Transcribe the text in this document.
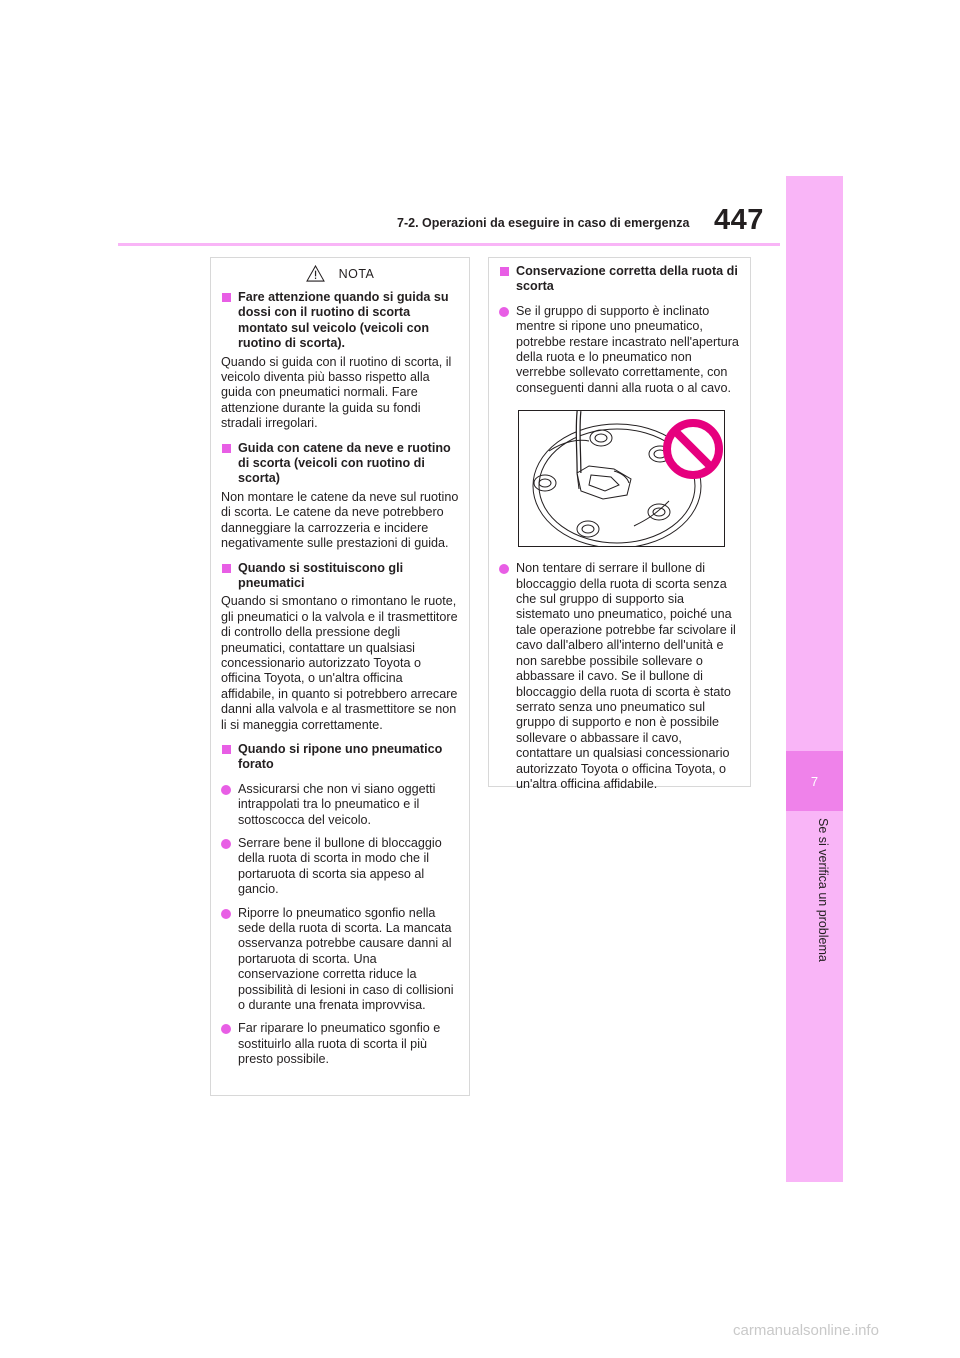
447
7-2. Operazioni da eseguire in caso di emergenza
7
Se si verifica un problema
NOTA
Fare attenzione quando si guida su dossi con il ruotino di scorta montato sul veicolo (veicoli con ruotino di scorta).
Quando si guida con il ruotino di scorta, il veicolo diventa più basso rispetto alla guida con pneumatici normali. Fare attenzione durante la guida su fondi stradali irregolari.
Guida con catene da neve e ruotino di scorta (veicoli con ruotino di scorta)
Non montare le catene da neve sul ruotino di scorta. Le catene da neve potrebbero danneggiare la carrozzeria e incidere negativamente sulle prestazioni di guida.
Quando si sostituiscono gli pneumatici
Quando si smontano o rimontano le ruote, gli pneumatici o la valvola e il trasmettitore di controllo della pressione degli pneumatici, contattare un qualsiasi concessionario autorizzato Toyota o officina Toyota, o un'altra officina affidabile, in quanto si potrebbero arrecare danni alla valvola e al trasmettitore se non li si maneggia correttamente.
Quando si ripone uno pneumatico forato
Assicurarsi che non vi siano oggetti intrappolati tra lo pneumatico e il sottoscocca del veicolo.
Serrare bene il bullone di bloccaggio della ruota di scorta in modo che il portaruota di scorta sia appeso al gancio.
Riporre lo pneumatico sgonfio nella sede della ruota di scorta. La mancata osservanza potrebbe causare danni al portaruota di scorta. Una conservazione corretta riduce la possibilità di lesioni in caso di collisioni o durante una frenata improvvisa.
Far riparare lo pneumatico sgonfio e sostituirlo alla ruota di scorta il più presto possibile.
Conservazione corretta della ruota di scorta
Se il gruppo di supporto è inclinato mentre si ripone uno pneumatico, potrebbe restare incastrato nell'apertura della ruota e lo pneumatico non verrebbe sollevato correttamente, con conseguenti danni alla ruota o al cavo.
Non tentare di serrare il bullone di bloccaggio della ruota di scorta senza che sul gruppo di supporto sia sistemato uno pneumatico, poiché una tale operazione potrebbe far scivolare il cavo dall'albero all'interno dell'unità e non sarebbe possibile sollevare o abbassare il cavo. Se il bullone di bloccaggio della ruota di scorta è stato serrato senza uno pneumatico sul gruppo di supporto e non è possibile sollevare o abbassare il cavo, contattare un qualsiasi concessionario autorizzato Toyota o officina Toyota, o un'altra officina affidabile.
carmanualsonline.info
